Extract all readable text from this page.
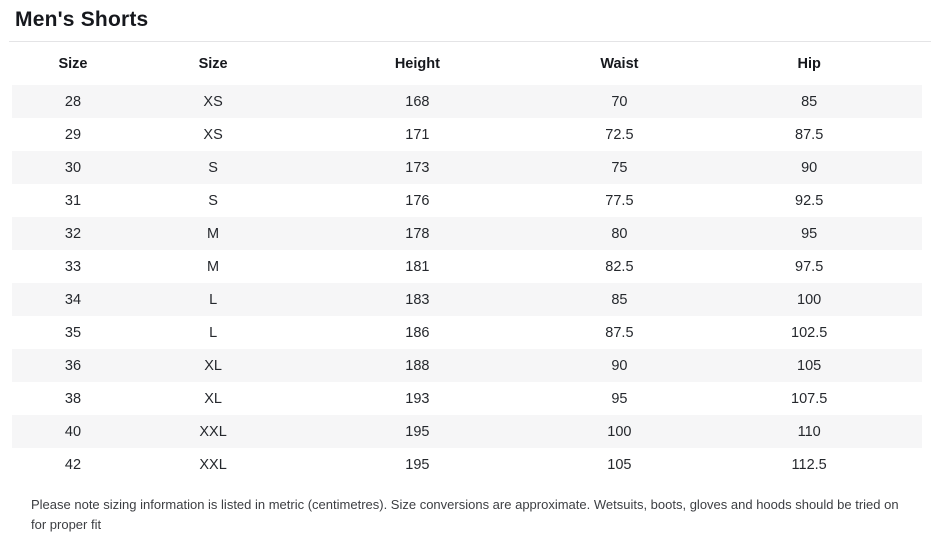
Men's Shorts
Size	Size	Height	Waist	Hip
28	XS	168	70	85
29	XS	171	72.5	87.5
30	S	173	75	90
31	S	176	77.5	92.5
32	M	178	80	95
33	M	181	82.5	97.5
34	L	183	85	100
35	L	186	87.5	102.5
36	XL	188	90	105
38	XL	193	95	107.5
40	XXL	195	100	110
42	XXL	195	105	112.5

Please note sizing information is listed in metric (centimetres). Size conversions are approximate. Wetsuits, boots, gloves and hoods should be tried on for proper fit
